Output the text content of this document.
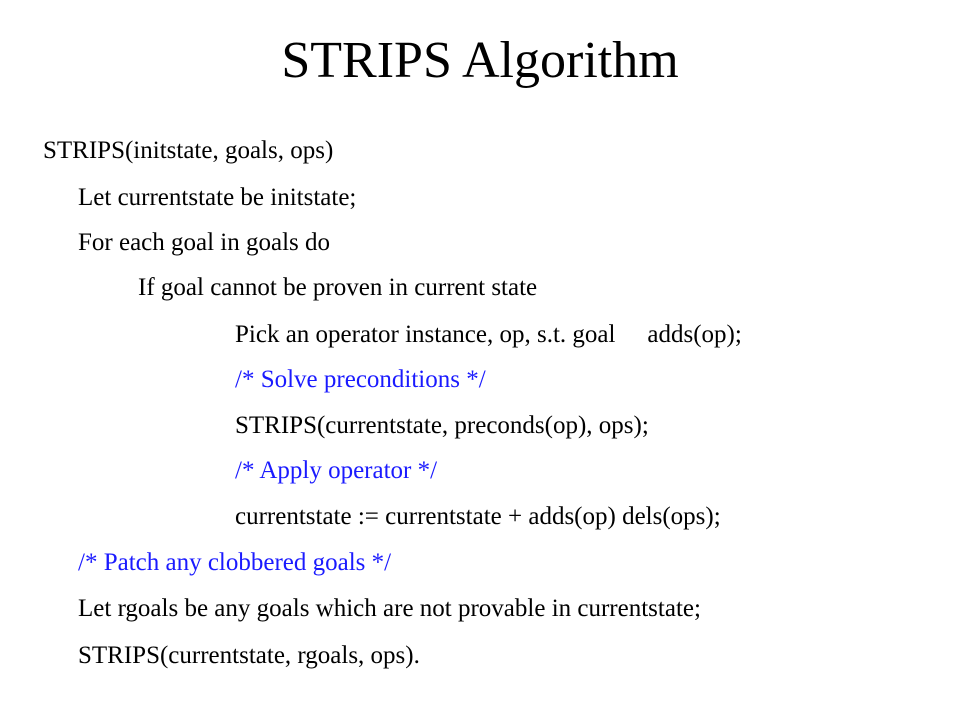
STRIPS Algorithm
STRIPS(initstate, goals, ops)
Let currentstate be initstate;
For each goal in goals do
If goal cannot be proven in current state
Pick an operator instance, op, s.t. goal   adds(op);
/* Solve preconditions */
STRIPS(currentstate, preconds(op), ops);
/* Apply operator */
currentstate := currentstate + adds(op) dels(ops);
/* Patch any clobbered goals */
Let rgoals be any goals which are not provable in currentstate;
STRIPS(currentstate, rgoals, ops).
